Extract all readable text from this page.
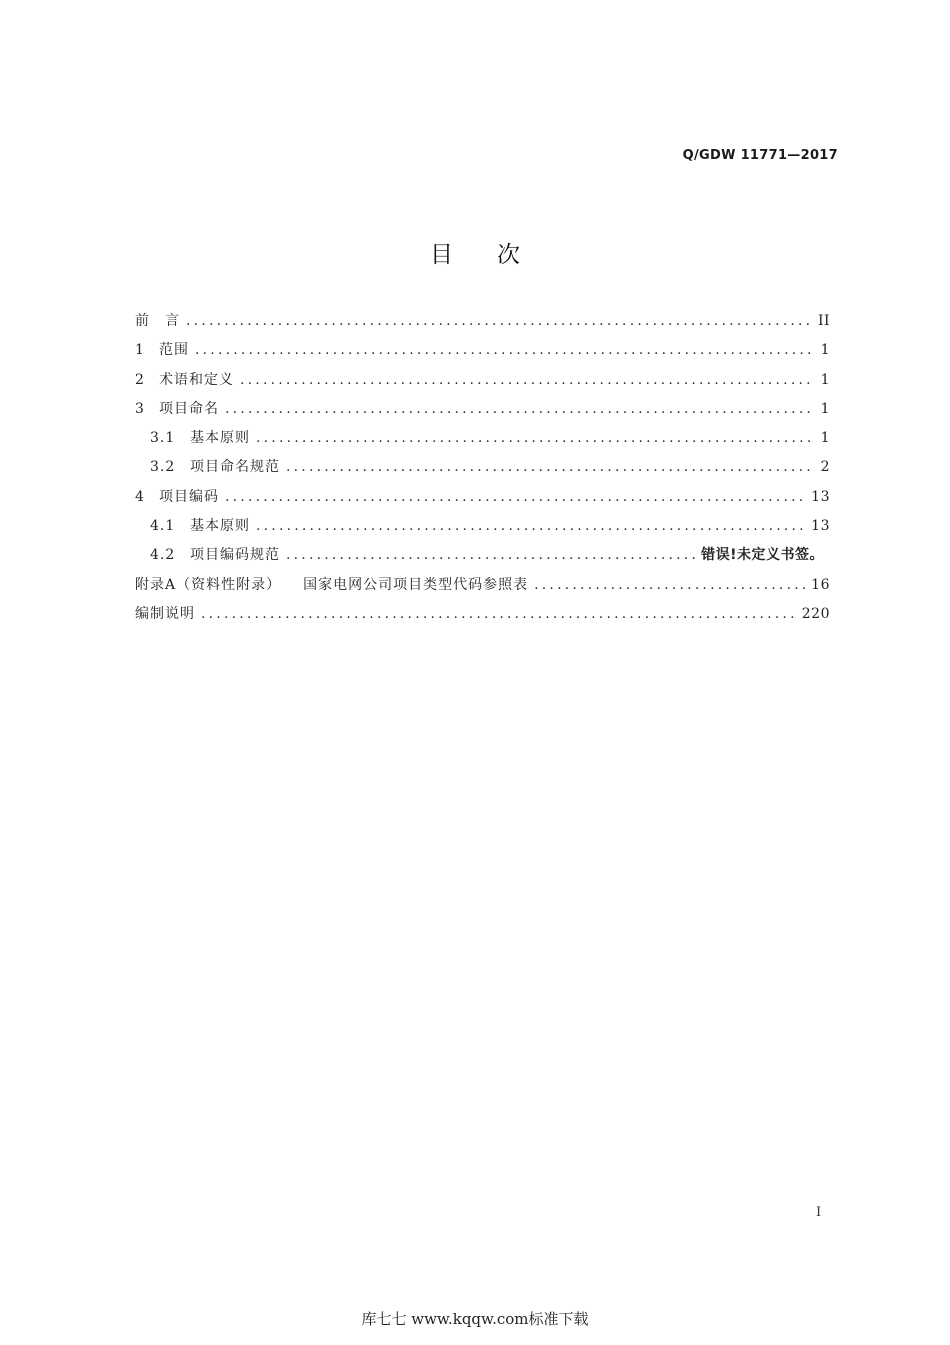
Q/GDW 11771—2017
目次
前　言 .....	II
1	范围 .....	1
2	术语和定义 .....	1
3	项目命名 .....	1
3.1	基本原则 .....	1
3.2	项目命名规范 .....	2
4	项目编码 .....	13
4.1	基本原则 .....	13
4.2	项目编码规范 .....	错误!未定义书签。
附录A（资料性附录） 国家电网公司项目类型代码参照表 .....	16
编制说明 .....	220
I
库七七 www.kqqw.com标准下载
